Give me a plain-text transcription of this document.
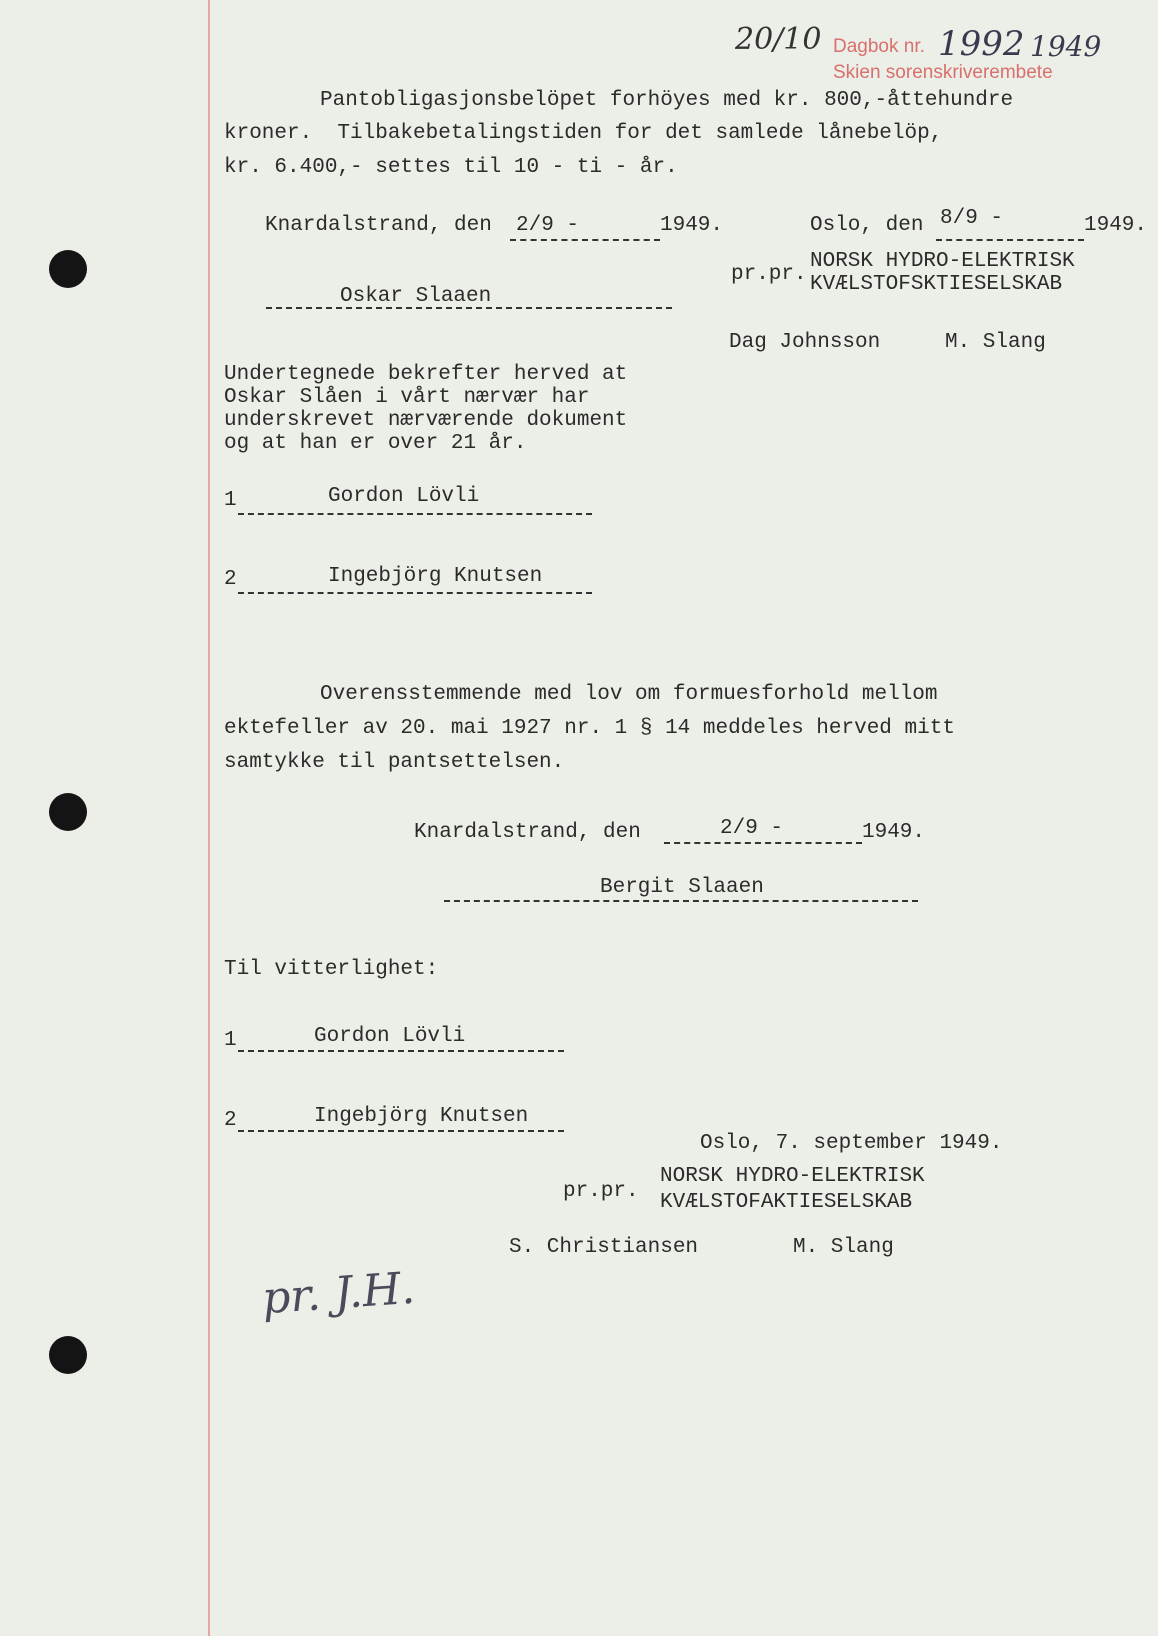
20/10 Dagbok nr. 1992 1949
Skien sorenskriverembete
Pantobligasjonsbelöpet forhöyes med kr. 800,-åttehundre
kroner.  Tilbakebetalingstiden for det samlede lånebelöp,
kr. 6.400,- settes til 10 - ti - år.
Knardalstrand, den 2/9 -	1949.	Oslo, den 8/9 -	1949.
pr.pr.
NORSK HYDRO-ELEKTRISK
KVÆLSTOFSKTIESELSKAB
Dag Johnsson	M. Slang
Oskar Slaaen
Undertegnede bekrefter herved at
Oskar Slåen i vårt nærvær har
underskrevet nærværende dokument
og at han er over 21 år.
1	Gordon Lövli
2	Ingebjörg Knutsen
Overensstemmende med lov om formuesforhold mellom
ektefeller av 20. mai 1927 nr. 1 § 14 meddeles herved mitt
samtykke til pantsettelsen.
Knardalstrand, den	2/9 -	1949.
Bergit Slaaen
Til vitterlighet:
1	Gordon Lövli
2	Ingebjörg Knutsen
Oslo, 7. september 1949.
pr.pr.
NORSK HYDRO-ELEKTRISK
KVÆLSTOFAKTIESELSKAB
S. Christiansen	M. Slang
pr. J.H.
